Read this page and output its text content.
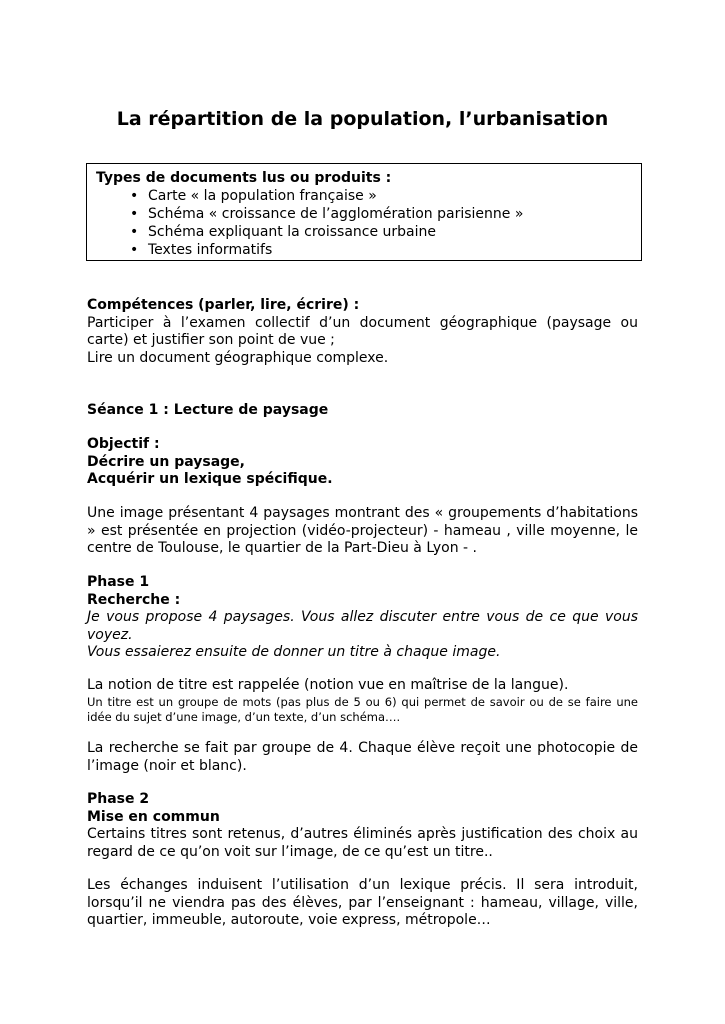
La répartition de la population, l’urbanisation
Types de documents lus ou produits :
• Carte « la population française »
• Schéma « croissance de l’agglomération parisienne »
• Schéma expliquant la croissance urbaine
• Textes informatifs

Compétences (parler, lire, écrire) :

Participer à l’examen collectif d’un document géographique (paysage ou carte) et justifier son point de vue ;

Lire un document géographique complexe.

Séance 1 : Lecture de paysage

Objectif :

Décrire un paysage,

Acquérir un lexique spécifique.

Une image présentant 4 paysages montrant des « groupements d’habitations » est présentée en projection (vidéo-projecteur) - hameau , ville moyenne, le centre de Toulouse, le quartier de la Part-Dieu à Lyon - .

Phase 1

Recherche :

Je vous propose 4 paysages. Vous allez discuter entre vous de ce que vous voyez.

Vous essaierez ensuite de donner un titre à chaque image.

La notion de titre est rappelée (notion vue en maîtrise de la langue).

Un titre est un groupe de mots (pas plus de 5 ou 6) qui permet de savoir ou de se faire une idée du sujet d’une image, d’un texte, d’un schéma….

La recherche se fait par groupe de 4. Chaque élève reçoit une photocopie de l’image (noir et blanc).

Phase 2

Mise en commun

Certains titres sont retenus, d’autres éliminés après justification des choix au regard de ce qu’on voit sur l’image, de ce qu’est un titre..

Les échanges induisent l’utilisation d’un lexique précis. Il sera introduit, lorsqu’il ne viendra pas des élèves, par l’enseignant : hameau, village, ville, quartier, immeuble, autoroute, voie express, métropole…
